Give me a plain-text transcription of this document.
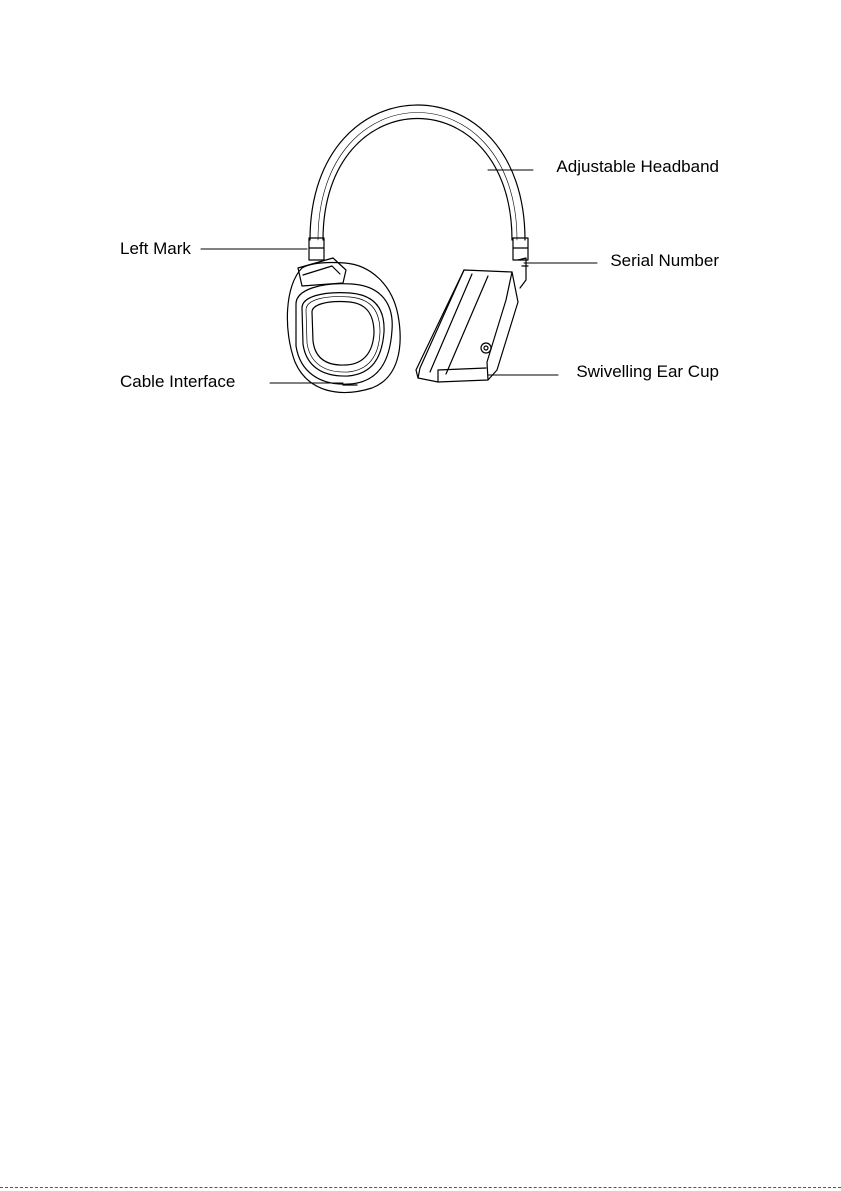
Adjustable Headband
Left Mark
Serial Number
Cable Interface
Swivelling Ear Cup
